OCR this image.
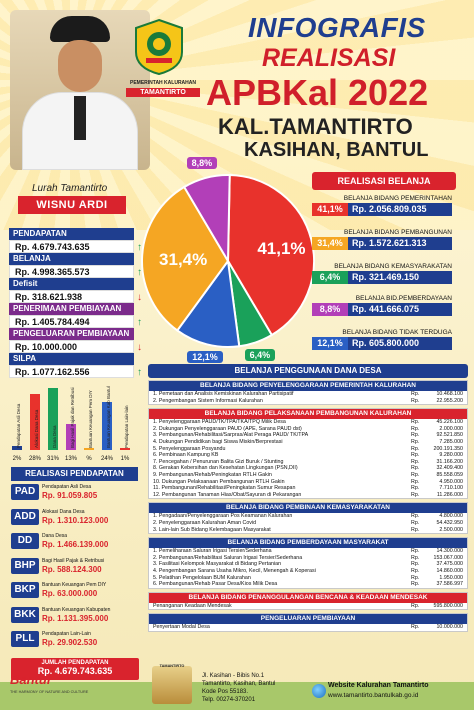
PEMERINTAH KALURAHAN
TAMANTIRTO
INFOGRAFIS
REALISASI
APBKal 2022
KAL.TAMANTIRTO
KASIHAN, BANTUL
Lurah Tamantirto
WISNU ARDI
PENDAPATAN
Rp. 4.679.743.635	↑
BELANJA
Rp. 4.998.365.573	↑
Defisit
Rp. 318.621.938	↓
PENERIMAAN PEMBIAYAAN
Rp. 1.405.784.494	↑
PENGELUARAN PEMBIAYAAN
Rp. 10.000.000	↓
SILPA
Rp. 1.077.162.556	↑
41,1%
6,4%
12,1%
31,4%
8,8%
REALISASI BELANJA
BELANJA BIDANG PEMERINTAHAN
41,1%	Rp. 2.056.809.035
BELANJA BIDANG PEMBANGUNAN
31,4%	Rp. 1.572.621.313
BELANJA BIDANG KEMASYARAKATAN
6,4%	Rp. 321.469.150
BELANJA BID.PEMBERDAYAAN
8,8%	Rp. 441.666.075
BELANJA BIDANG TIDAK TERDUGA
12,1%	Rp. 605.800.000
Pendapatan Asli Desa
2%
Alokasi Dana Desa
28%
Dana Desa
31%
Bagi Hasil Pajak dan Retribusi
13%
Bantuan Keuangan Pem DIY
%
Bantuan Keuangan Kab Bantul
24%
Pendapatan Lain-lain
1%
REALISASI PENDAPATAN
PAD	Pendapatan Asli Desa
Rp. 91.059.805
ADD	Alokasi Dana Desa
Rp. 1.310.123.000
DD	Dana Desa
Rp. 1.466.139.000
BHP	Bagi Hasil Pajak & Retribusi
Rp. 588.124.300
BKP	Bantuan Keuangan Pem DIY
Rp. 63.000.000
BKK	Bantuan Keuangan Kabupaten
Rp. 1.131.395.000
PLL	Pendapatan Lain-Lain
Rp. 29.902.530
JUMLAH PENDAPATAN
Rp. 4.679.743.635
BELANJA PENGGUNAAN DANA DESA
BELANJA BIDANG PENYELENGGARAAN PEMERINTAH KALURAHAN
1. Pemetaan dan Analisis Kemiskinan Kalurahan Partisipatif	Rp.	10.468.100
2. Pengembangan Sistem Informasi Kalurahan	Rp.	22.955.200
BELANJA BIDANG PELAKSANAAN PEMBANGUNAN KALURAHAN
1. Penyelenggaraan PAUD/TK/TPA/TKA/TPQ Milik Desa	Rp.	45.226.100
2. Dukungan Penyelenggaraan PAUD (APE, Sarana PAUD dst)	Rp.	2.000.000
3. Pembangunan/Rehabilitasi/Sarpras/Alat Peraga PAUD/ TK/TPA	Rp.	92.521.850
4. Dukungan Pendidikan bagi Siswa Miskin/Berprestasi	Rp.	7.285.000
5. Penyelenggaraan Posyandu	Rp.	200.191.350
6. Pembinaan Kampung KB	Rp.	9.280.000
7. Pencegahan / Penurunan Balita Gizi Buruk / Stunting	Rp.	31.166.200
8. Gerakan Kebersihan dan Kesehatan Lingkungan (PSN,DII)	Rp.	32.409.400
9. Pembangunan/Rehab/Peningkatan RTLH Gakin	Rp.	85.558.059
10. Dukungan Pelaksanaan Pembangunan RTLH Gakin	Rp.	4.950.000
11. Pembangunan/Rehabilitasi/Peningkatan Sumur Resapan	Rp.	7.710.100
12. Pembangunan Tanaman Hias/Obat/Sayuran di Pekarangan	Rp.	11.286.000
BELANJA BIDANG PEMBINAAN KEMASYARAKATAN
1. Pengadaan/Penyelenggaraan Pos Keamanan Kalurahan	Rp.	4.800.000
2. Penyelenggaraan Kalurahan Aman Covid	Rp.	54.432.950
3. Lain-lain Sub Bidang Kelembagaan Masyarakat	Rp.	2.500.000
BELANJA BIDANG PEMBERDAYAAN MASYARAKAT
1. Pemeliharaan Saluran Irigasi Tersier/Sederhana	Rp.	14.300.000
2. Pembangunan/Rehabilitasi Saluran Irigasi Tersier/Sederhana	Rp.	153.067.000
3. Fasilitasi Kelompok Masyarakat di Bidang Pertanian	Rp.	37.475.000
4. Pengembangan Sarana Usaha Mikro, Kecil, Menengah & Koperasi	Rp.	14.860.000
5. Pelatihan Pengelolaan BUM Kalurahan	Rp.	1.950.000
6. Pembangunan/Rehab Pasar Desa/Kios Milik Desa	Rp.	37.586.997
BELANJA BIDANG PENANGGULANGAN BENCANA & KEADAAN MENDESAK
Penanganan Keadaan Mendesak	Rp.	595.800.000
PENGELUARAN PEMBIAYAAN
Penyertaan Modal Desa	Rp.	10.000.000
Bantul
THE HARMONY OF NATURE AND CULTURE
TAMANTIRTO
Jl. Kasihan - Bibis No.1
Tamantirto, Kasihan, Bantul
Kode Pos 55183.
Telp. 00274-370201
Website Kalurahan Tamantirto
www.tamantirto.bantulkab.go.id
